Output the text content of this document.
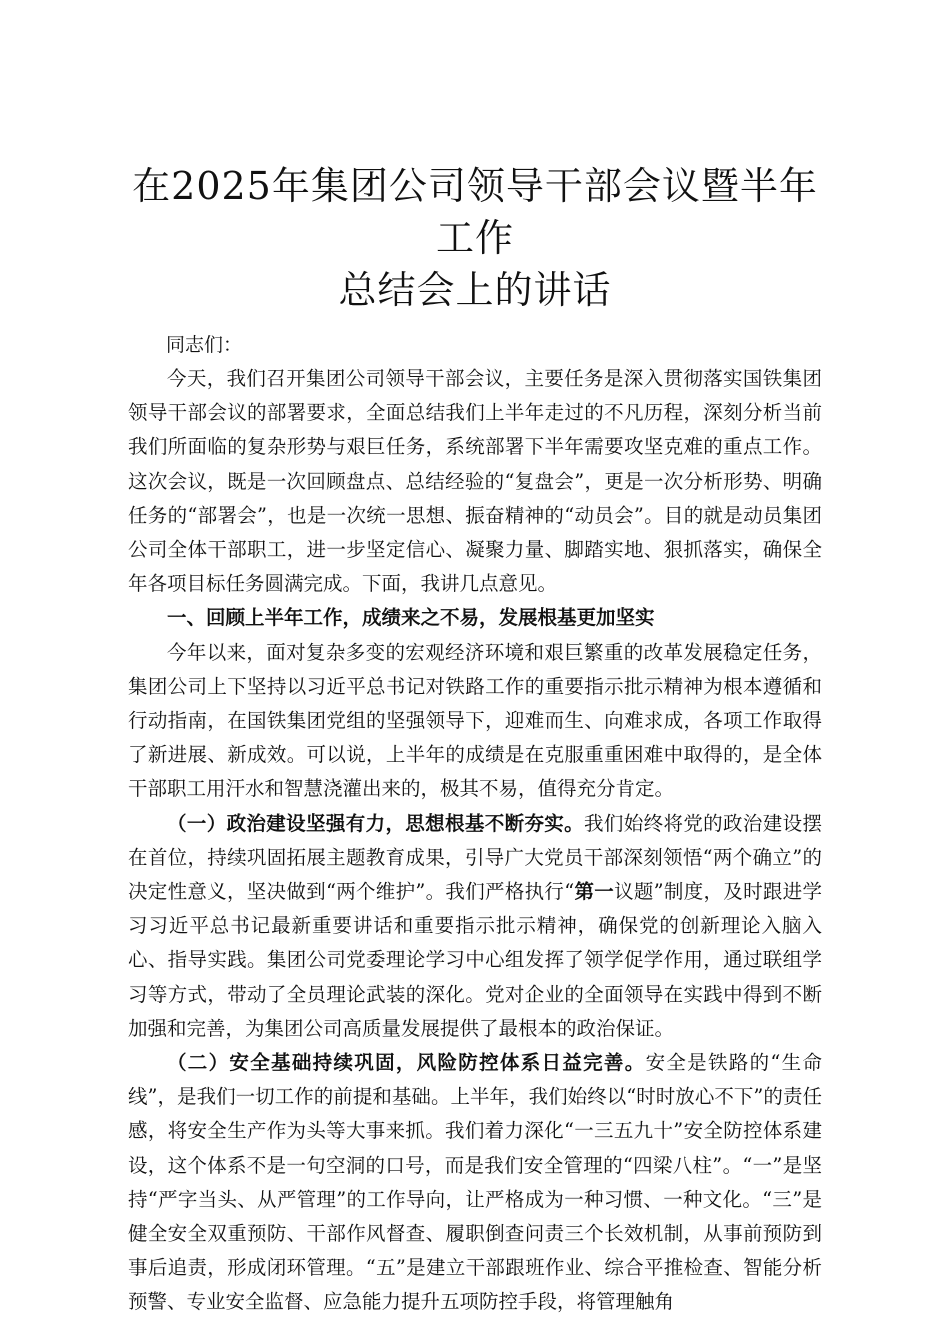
在2025年集团公司领导干部会议暨半年工作
总结会上的讲话

同志们：

今天，我们召开集团公司领导干部会议，主要任务是深入贯彻落实国铁集团领导干部会议的部署要求，全面总结我们上半年走过的不凡历程，深刻分析当前我们所面临的复杂形势与艰巨任务，系统部署下半年需要攻坚克难的重点工作。这次会议，既是一次回顾盘点、总结经验的“复盘会”，更是一次分析形势、明确任务的“部署会”，也是一次统一思想、振奋精神的“动员会”。目的就是动员集团公司全体干部职工，进一步坚定信心、凝聚力量、脚踏实地、狠抓落实，确保全年各项目标任务圆满完成。下面，我讲几点意见。

一、回顾上半年工作，成绩来之不易，发展根基更加坚实

今年以来，面对复杂多变的宏观经济环境和艰巨繁重的改革发展稳定任务，集团公司上下坚持以习近平总书记对铁路工作的重要指示批示精神为根本遵循和行动指南，在国铁集团党组的坚强领导下，迎难而生、向难求成，各项工作取得了新进展、新成效。可以说，上半年的成绩是在克服重重困难中取得的，是全体干部职工用汗水和智慧浇灌出来的，极其不易，值得充分肯定。

（一）政治建设坚强有力，思想根基不断夯实。我们始终将党的政治建设摆在首位，持续巩固拓展主题教育成果，引导广大党员干部深刻领悟“两个确立”的决定性意义，坚决做到“两个维护”。我们严格执行“第一议题”制度，及时跟进学习习近平总书记最新重要讲话和重要指示批示精神，确保党的创新理论入脑入心、指导实践。集团公司党委理论学习中心组发挥了领学促学作用，通过联组学习等方式，带动了全员理论武装的深化。党对企业的全面领导在实践中得到不断加强和完善，为集团公司高质量发展提供了最根本的政治保证。

（二）安全基础持续巩固，风险防控体系日益完善。安全是铁路的“生命线”，是我们一切工作的前提和基础。上半年，我们始终以“时时放心不下”的责任感，将安全生产作为头等大事来抓。我们着力深化“一三五九十”安全防控体系建设，这个体系不是一句空洞的口号，而是我们安全管理的“四梁八柱”。“一”是坚持“严字当头、从严管理”的工作导向，让严格成为一种习惯、一种文化。“三”是健全安全双重预防、干部作风督查、履职倒查问责三个长效机制，从事前预防到事后追责，形成闭环管理。“五”是建立干部跟班作业、综合平推检查、智能分析预警、专业安全监督、应急能力提升五项防控手段，将管理触角
